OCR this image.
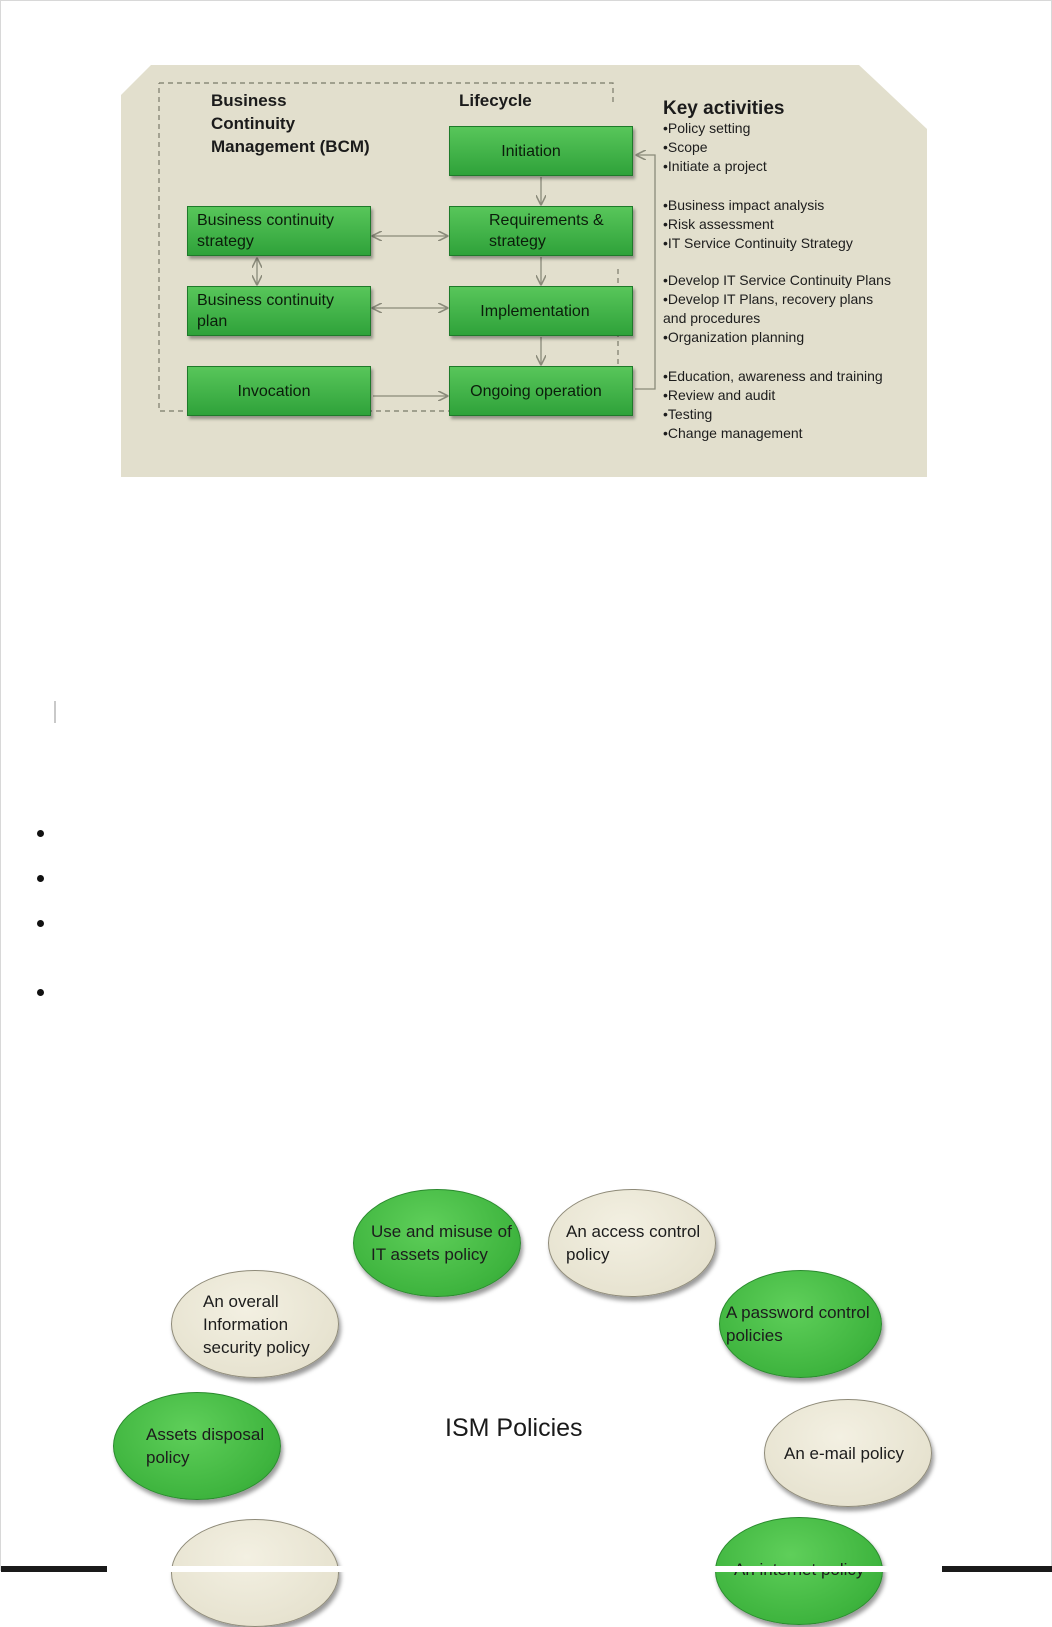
Business Continuity Management (BCM)
Lifecycle	Key activities
Initiation
Requirements &
strategy
Implementation
Ongoing operation
Business continuity
strategy
Business continuity
plan
Invocation
•Policy setting
•Scope
•Initiate a project
•Business impact analysis
•Risk assessment
•IT Service Continuity Strategy
•Develop IT Service Continuity Plans
•Develop IT Plans, recovery plans
and procedures
•Organization planning
•Education, awareness and training
•Review and audit
•Testing
•Change management
Use and misuse of
IT assets policy
An access control
policy
An overall
Information
security policy
A password control
policies
Assets disposal
policy	An e-mail policy
ISM Policies
